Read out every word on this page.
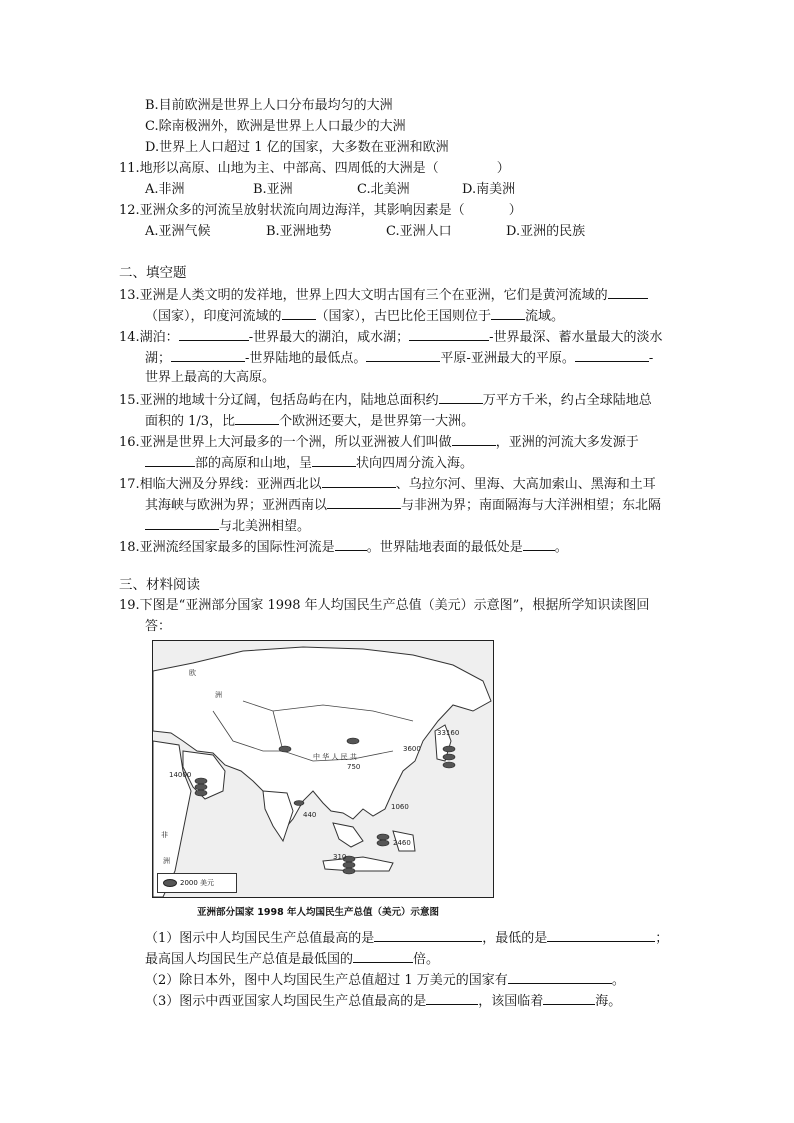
B.目前欧洲是世界上人口分布最均匀的大洲
C.除南极洲外，欧洲是世界上人口最少的大洲
D.世界上人口超过 1 亿的国家，大多数在亚洲和欧洲
11.地形以高原、山地为主、中部高、四周低的大洲是（	）
A.非洲	B.亚洲	C.北美洲	D.南美洲
12.亚洲众多的河流呈放射状流向周边海洋，其影响因素是（	）
A.亚洲气候	B.亚洲地势	C.亚洲人口	D.亚洲的民族
二、填空题
13.亚洲是人类文明的发祥地，世界上四大文明古国有三个在亚洲，它们是黄河流域的
（国家），印度河流域的	（国家），古巴比伦王国则位于	流域。
14.湖泊：	-世界最大的湖泊，咸水湖；	-世界最深、蓄水量最大的淡水
湖；	-世界陆地的最低点。	平原-亚洲最大的平原。	-
世界上最高的大高原。
15.亚洲的地域十分辽阔，包括岛屿在内，陆地总面积约	万平方千米，约占全球陆地总
面积的 1/3，比	个欧洲还要大，是世界第一大洲。
16.亚洲是世界上大河最多的一个洲，所以亚洲被人们叫做	，亚洲的河流大多发源于
部的高原和山地，呈	状向四周分流入海。
17.相临大洲及分界线：亚洲西北以	、乌拉尔河、里海、大高加索山、黑海和土耳
其海峡与欧洲为界；亚洲西南以	与非洲为界；南面隔海与大洋洲相望；东北隔
与北美洲相望。
18.亚洲流经国家最多的国际性河流是 。世界陆地表面的最低处是 。
三、材料阅读
19.下图是“亚洲部分国家 1998 年人均国民生产总值（美元）示意图”，根据所学知识读图回
答：
欧
洲
非
洲
中 华 人 民 共
14000
33160
3600
750
440
310
1060
2460
2000 美元
亚洲部分国家 1998 年人均国民生产总值（美元）示意图
（1）图示中人均国民生产总值最高的是	，最低的是	；
最高国人均国民生产总值是最低国的	倍。
（2）除日本外，图中人均国民生产总值超过 1 万美元的国家有	。
（3）图示中西亚国家人均国民生产总值最高的是	，该国临着	海。
